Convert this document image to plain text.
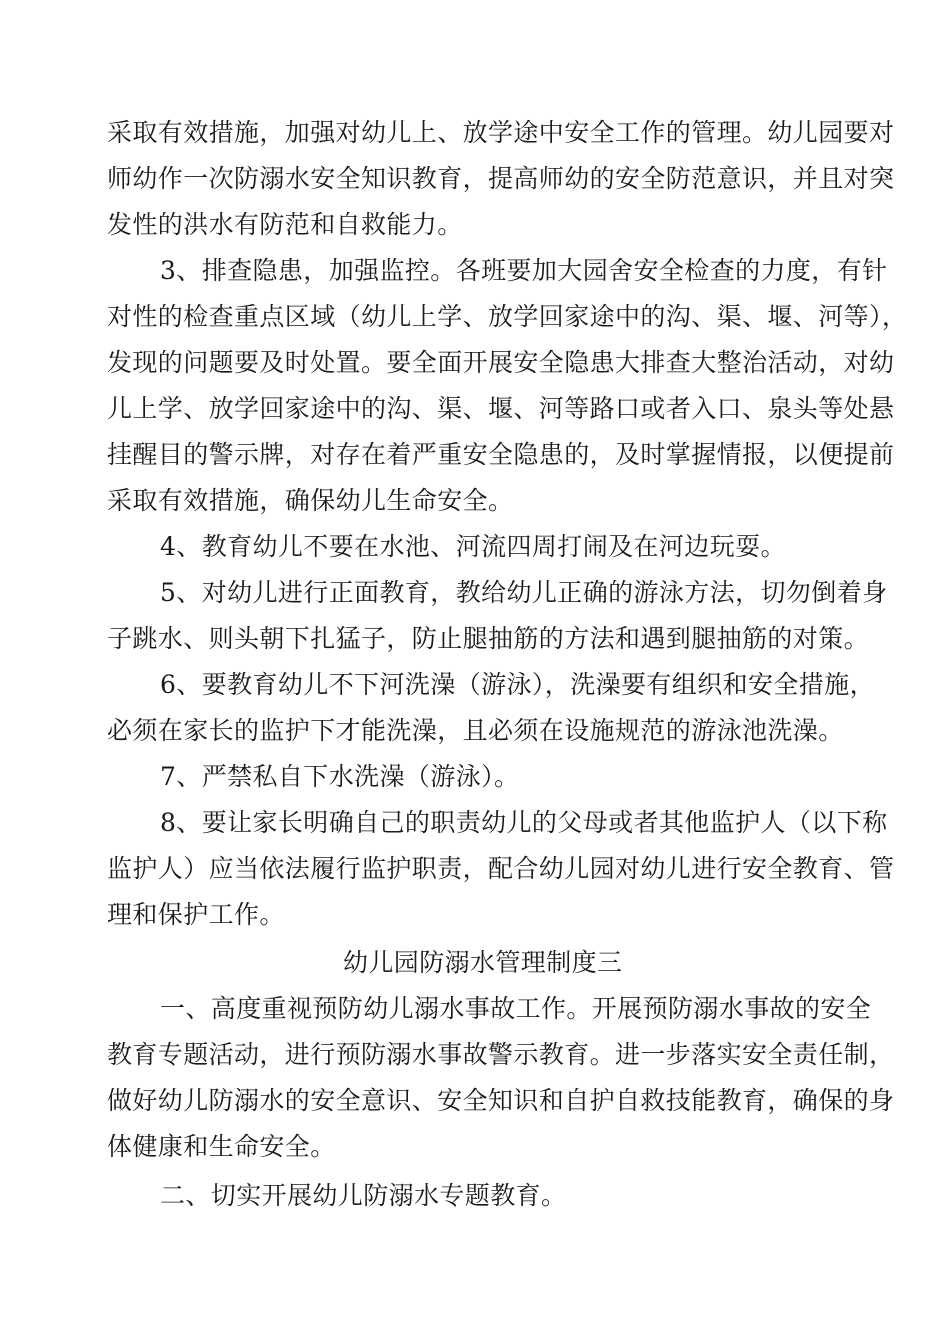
采取有效措施，加强对幼儿上、放学途中安全工作的管理。幼儿园要对
师幼作一次防溺水安全知识教育，提高师幼的安全防范意识，并且对突
发性的洪水有防范和自救能力。
3、排查隐患，加强监控。各班要加大园舍安全检查的力度，有针
对性的检查重点区域（幼儿上学、放学回家途中的沟、渠、堰、河等），
发现的问题要及时处置。要全面开展安全隐患大排查大整治活动，对幼
儿上学、放学回家途中的沟、渠、堰、河等路口或者入口、泉头等处悬
挂醒目的警示牌，对存在着严重安全隐患的，及时掌握情报，以便提前
采取有效措施，确保幼儿生命安全。
4、教育幼儿不要在水池、河流四周打闹及在河边玩耍。
5、对幼儿进行正面教育，教给幼儿正确的游泳方法，切勿倒着身
子跳水、则头朝下扎猛子，防止腿抽筋的方法和遇到腿抽筋的对策。
6、要教育幼儿不下河洗澡（游泳），洗澡要有组织和安全措施，
必须在家长的监护下才能洗澡，且必须在设施规范的游泳池洗澡。
7、严禁私自下水洗澡（游泳）。
8、要让家长明确自己的职责幼儿的父母或者其他监护人（以下称
监护人）应当依法履行监护职责，配合幼儿园对幼儿进行安全教育、管
理和保护工作。
幼儿园防溺水管理制度三
一、高度重视预防幼儿溺水事故工作。开展预防溺水事故的安全
教育专题活动，进行预防溺水事故警示教育。进一步落实安全责任制，
做好幼儿防溺水的安全意识、安全知识和自护自救技能教育，确保的身
体健康和生命安全。
二、切实开展幼儿防溺水专题教育。
